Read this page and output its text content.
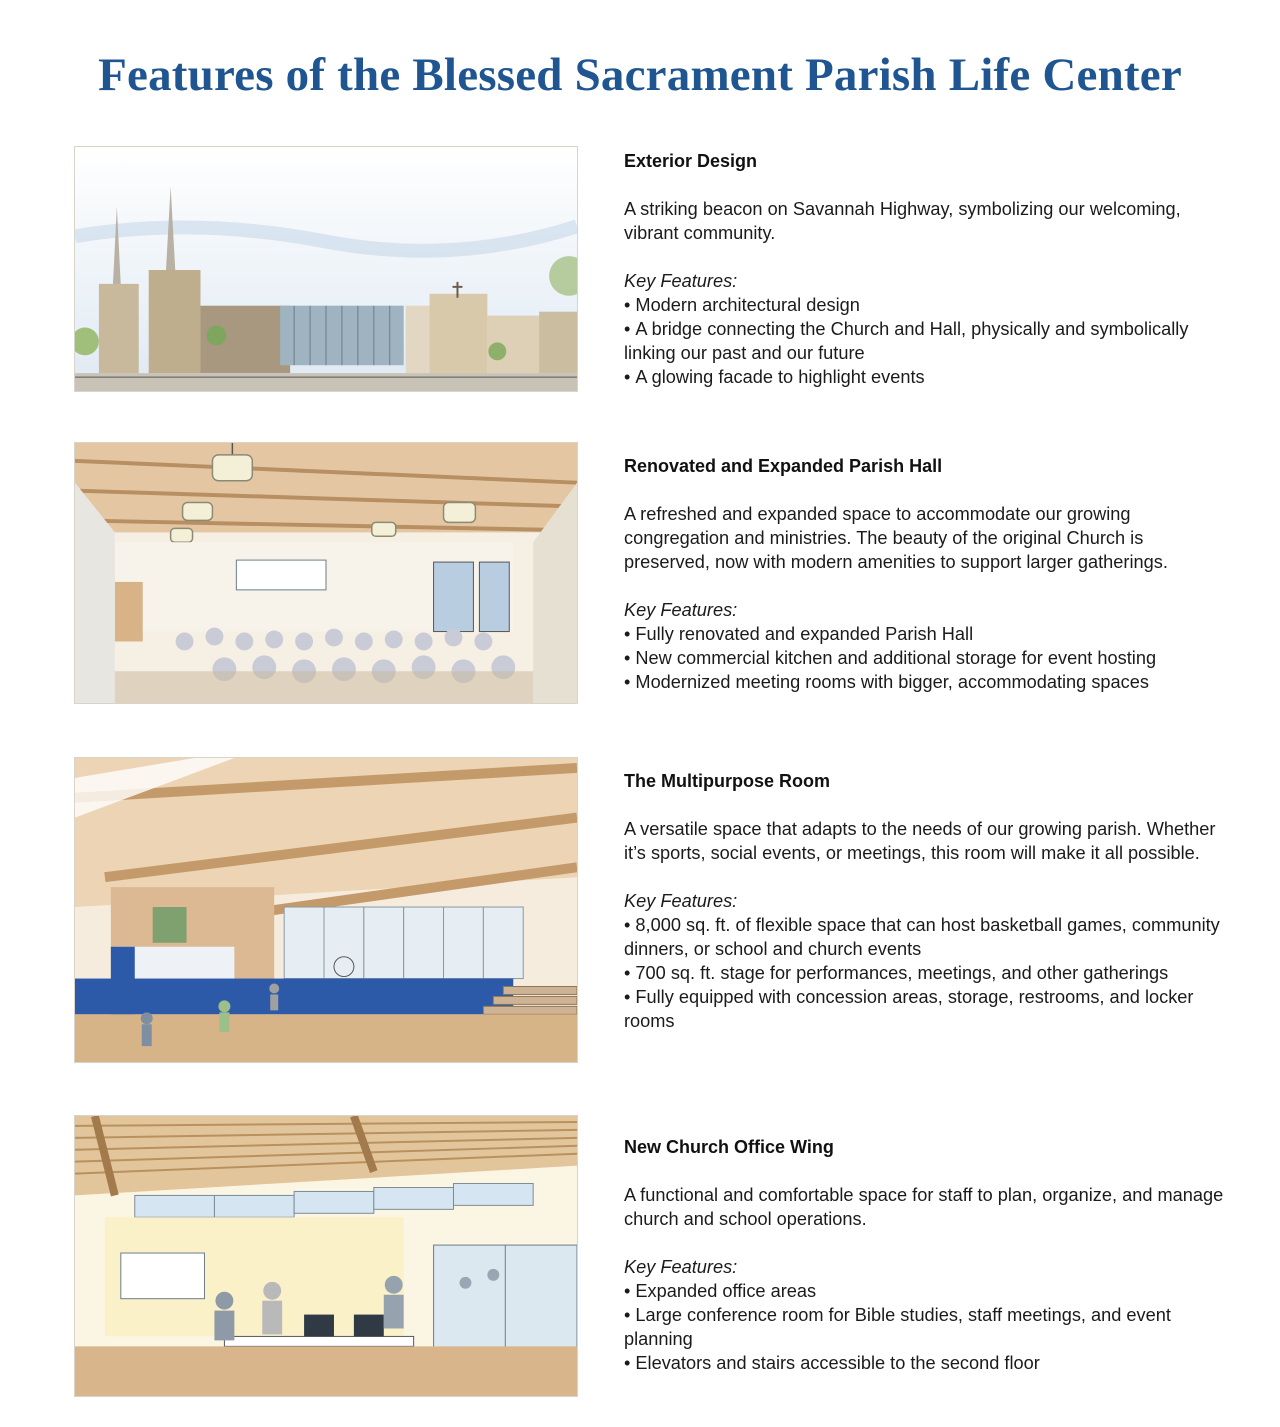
Features of the Blessed Sacrament Parish Life Center
Exterior Design

A striking beacon on Savannah Highway, symbolizing our welcoming, vibrant community.

Key Features:

• Modern architectural design
• A bridge connecting the Church and Hall, physically and symbolically linking our past and our future
• A glowing facade to highlight events
Renovated and Expanded Parish Hall

A refreshed and expanded space to accommodate our growing congregation and ministries. The beauty of the original Church is preserved, now with modern amenities to support larger gatherings.

Key Features:

• Fully renovated and expanded Parish Hall
• New commercial kitchen and additional storage for event hosting
• Modernized meeting rooms with bigger, accommodating spaces
The Multipurpose Room

A versatile space that adapts to the needs of our growing parish. Whether it’s sports, social events, or meetings, this room will make it all possible.

Key Features:

• 8,000 sq. ft. of flexible space that can host basketball games, community dinners, or school and church events
• 700 sq. ft. stage for performances, meetings, and other gatherings
• Fully equipped with concession areas, storage, restrooms, and locker rooms
New Church Office Wing

A functional and comfortable space for staff to plan, organize, and manage church and school operations.

Key Features:

• Expanded office areas
• Large conference room for Bible studies, staff meetings, and event planning
• Elevators and stairs accessible to the second floor
